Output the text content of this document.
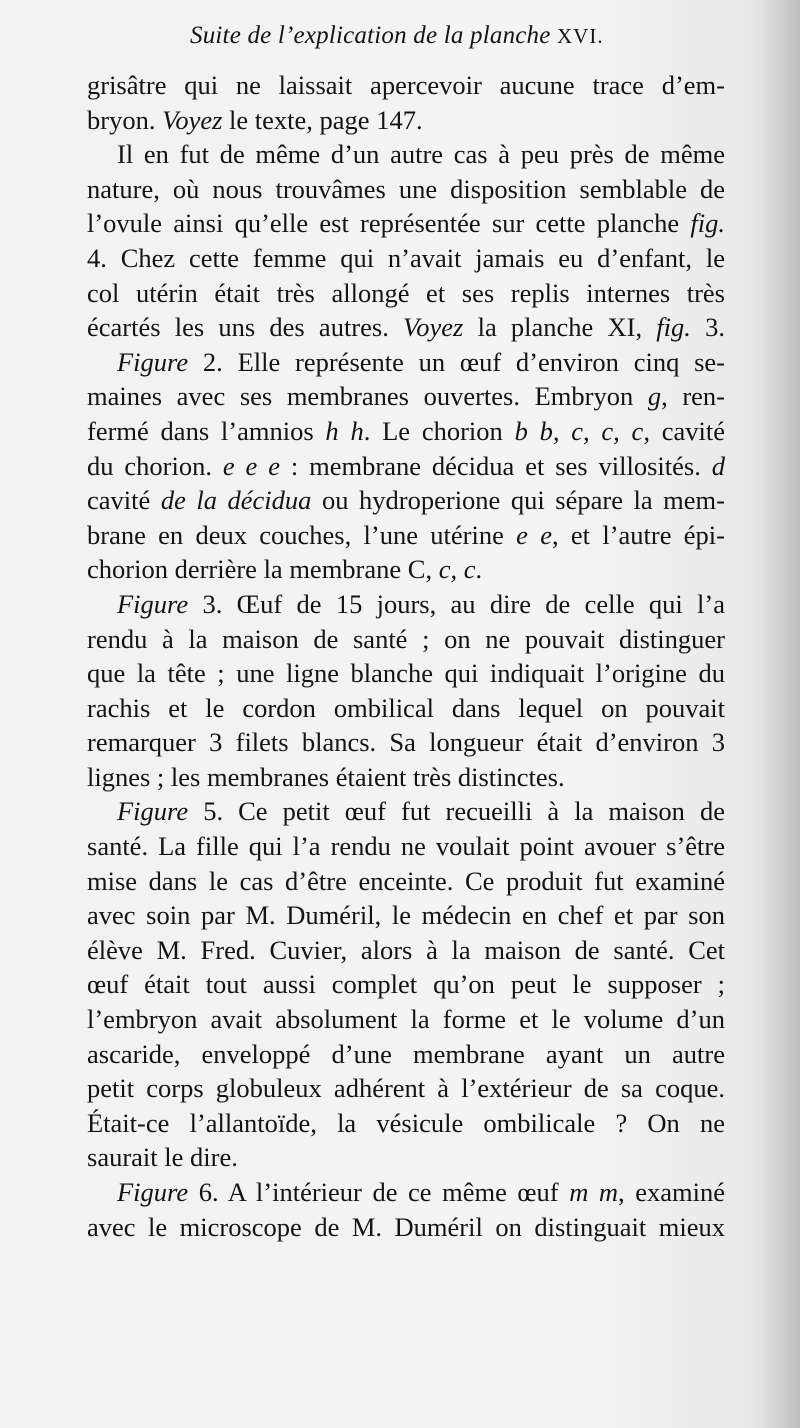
Suite de l’explication de la planche XVI.
grisâtre qui ne laissait apercevoir aucune trace d’em-
bryon. Voyez le texte, page 147.
Il en fut de même d’un autre cas à peu près de même
nature, où nous trouvâmes une disposition semblable de
l’ovule ainsi qu’elle est représentée sur cette planche fig.
4. Chez cette femme qui n’avait jamais eu d’enfant, le
col utérin était très allongé et ses replis internes très
écartés les uns des autres. Voyez la planche XI, fig. 3.
Figure 2. Elle représente un œuf d’environ cinq se-
maines avec ses membranes ouvertes. Embryon g, ren-
fermé dans l’amnios h h. Le chorion b b, c, c, c, cavité
du chorion. e e e : membrane décidua et ses villosités. d
cavité de la décidua ou hydroperione qui sépare la mem-
brane en deux couches, l’une utérine e e, et l’autre épi-
chorion derrière la membrane C, c, c.
Figure 3. Œuf de 15 jours, au dire de celle qui l’a
rendu à la maison de santé ; on ne pouvait distinguer
que la tête ; une ligne blanche qui indiquait l’origine du
rachis et le cordon ombilical dans lequel on pouvait
remarquer 3 filets blancs. Sa longueur était d’environ 3
lignes ; les membranes étaient très distinctes.
Figure 5. Ce petit œuf fut recueilli à la maison de
santé. La fille qui l’a rendu ne voulait point avouer s’être
mise dans le cas d’être enceinte. Ce produit fut examiné
avec soin par M. Duméril, le médecin en chef et par son
élève M. Fred. Cuvier, alors à la maison de santé. Cet
œuf était tout aussi complet qu’on peut le supposer ;
l’embryon avait absolument la forme et le volume d’un
ascaride, enveloppé d’une membrane ayant un autre
petit corps globuleux adhérent à l’extérieur de sa coque.
Était-ce l’allantoïde, la vésicule ombilicale ? On ne
saurait le dire.
Figure 6. A l’intérieur de ce même œuf m m, examiné
avec le microscope de M. Duméril on distinguait mieux
